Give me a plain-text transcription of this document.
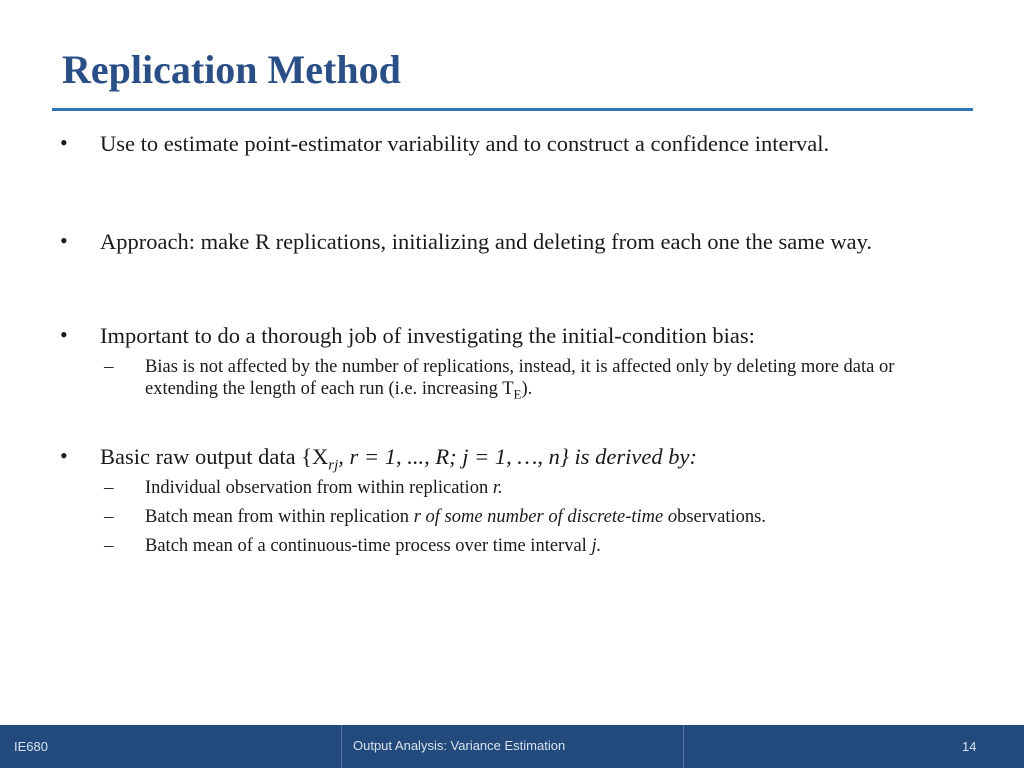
Replication Method
• Use to estimate point-estimator variability and to construct a confidence interval.
• Approach: make R replications, initializing and deleting from each one the same way.
• Important to do a thorough job of investigating the initial-condition bias:
– Bias is not affected by the number of replications, instead, it is affected only by deleting more data or extending the length of each run (i.e. increasing $T_E$).
• Basic raw output data {$X_{rj}$, r = 1, ..., R; j = 1, …, n} is derived by:
– Individual observation from within replication r.
– Batch mean from within replication r of some number of discrete-time observations.
– Batch mean of a continuous-time process over time interval j.
IE680	Output Analysis: Variance Estimation	14
